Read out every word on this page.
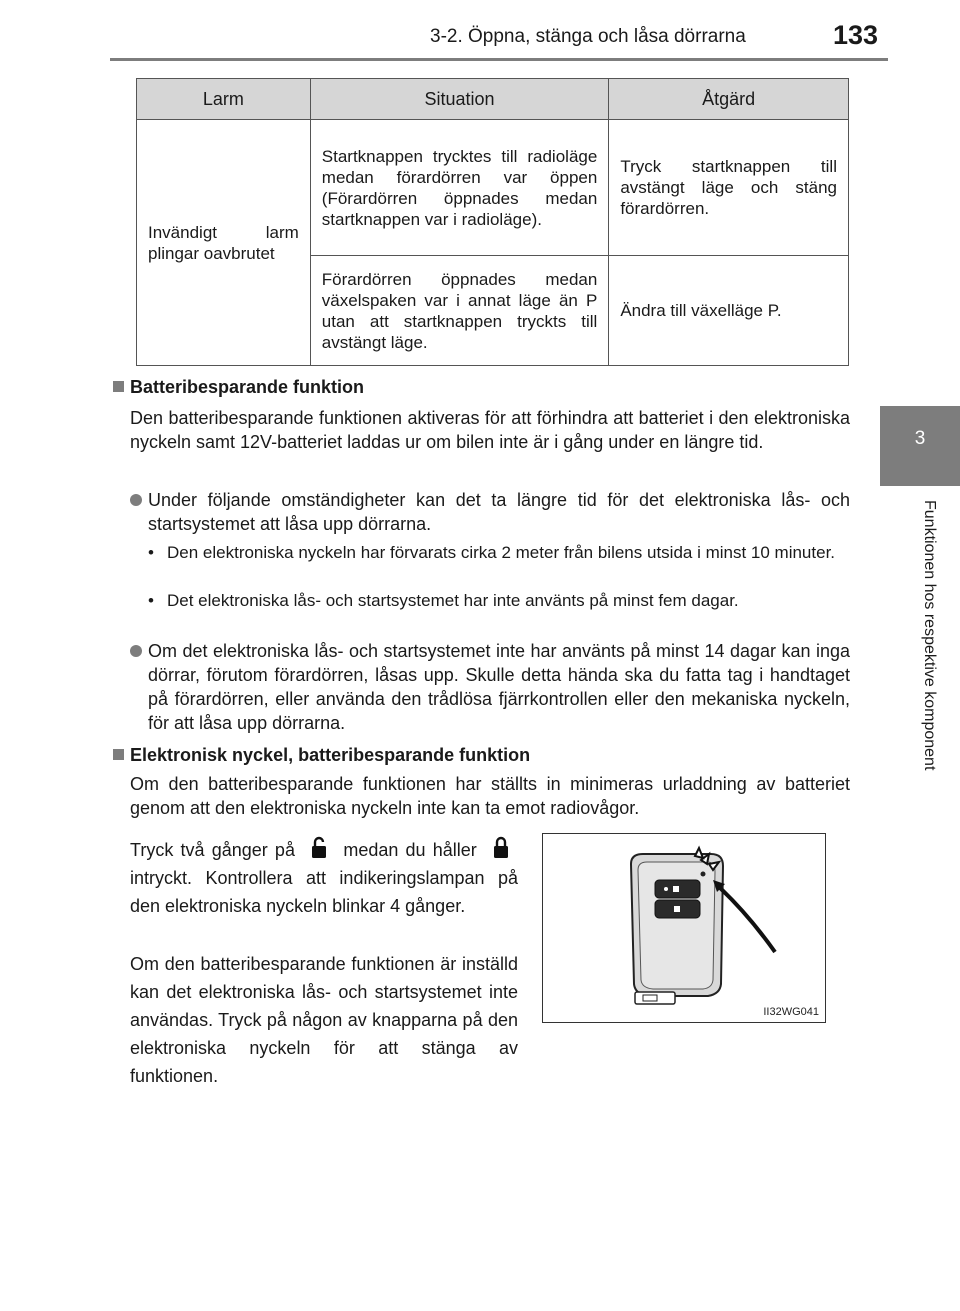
3-2. Öppna, stänga och låsa dörrarna	133
3
Funktionen hos respektive komponent
Larm	Situation	Åtgärd
Invändigt larm plingar oavbrutet	Startknappen trycktes till radioläge medan förardörren var öppen (Förardörren öppnades medan startknappen var i radioläge).	Tryck startknappen till avstängt läge och stäng förardörren.
	Förardörren öppnades medan växelspaken var i annat läge än P utan att startknappen tryckts till avstängt läge.	Ändra till växelläge P.
Batteribesparande funktion
Den batteribesparande funktionen aktiveras för att förhindra att batteriet i den elektroniska nyckeln samt 12V-batteriet laddas ur om bilen inte är i gång under en längre tid.
Under följande omständigheter kan det ta längre tid för det elektroniska lås- och startsystemet att låsa upp dörrarna.
• Den elektroniska nyckeln har förvarats cirka 2 meter från bilens utsida i minst 10 minuter.
• Det elektroniska lås- och startsystemet har inte använts på minst fem dagar.
Om det elektroniska lås- och startsystemet inte har använts på minst 14 dagar kan inga dörrar, förutom förardörren, låsas upp. Skulle detta hända ska du fatta tag i handtaget på förardörren, eller använda den trådlösa fjärrkontrollen eller den mekaniska nyckeln, för att låsa upp dörrarna.
Elektronisk nyckel, batteribesparande funktion
Om den batteribesparande funktionen har ställts in minimeras urladdning av batteriet genom att den elektroniska nyckeln inte kan ta emot radiovågor.
Tryck två gånger på	medan du håller  intryckt. Kontrollera att indikeringslampan på den elektroniska nyckeln blinkar 4 gånger.
Om den batteribesparande funktionen är inställd kan det elektroniska lås- och startsystemet inte användas. Tryck på någon av knapparna på den elektroniska nyckeln för att stänga av funktionen.
II32WG041
